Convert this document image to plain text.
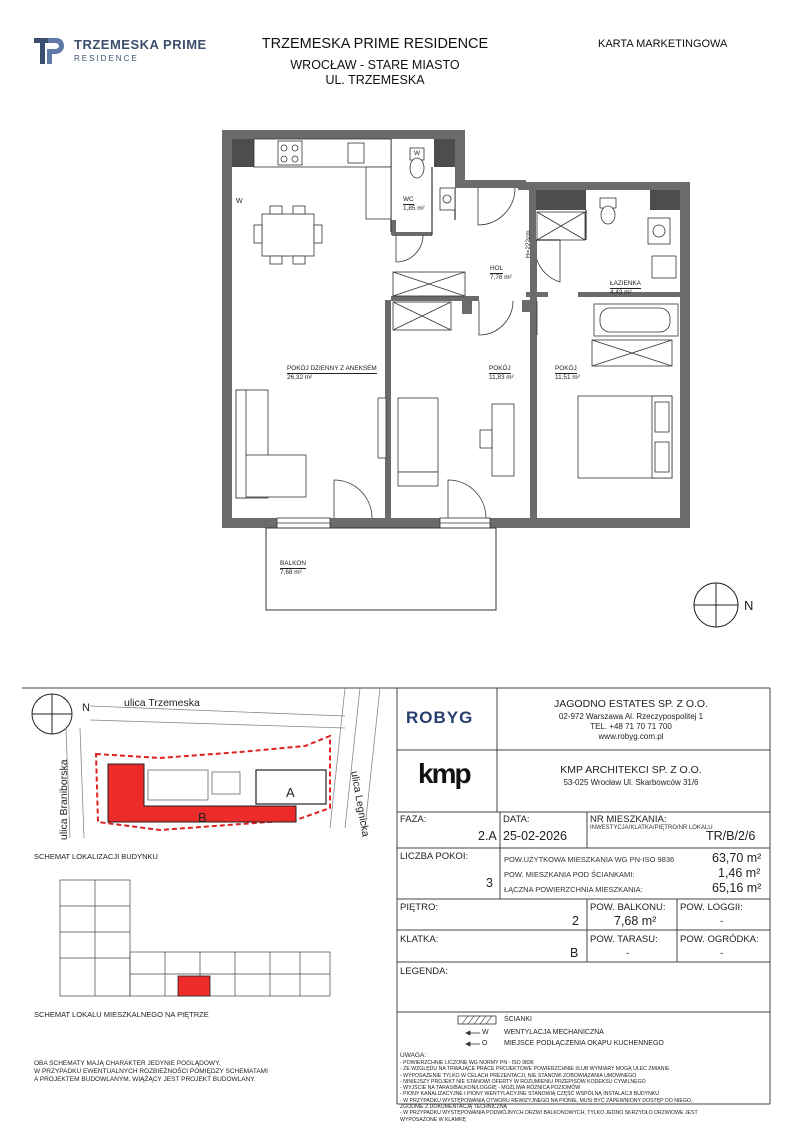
TRZEMESKA PRIME
RESIDENCE
TRZEMESKA PRIME RESIDENCE
WROCŁAW - STARE MIASTO
UL. TRZEMESKA
KARTA MARKETINGOWA
W	WC
1,85 m²
HOL
7,76 m²
ŁAZIENKA
4,43 m²
POKÓJ DZIENNY Z ANEKSEM
26,32 m²
POKÓJ
11,83 m²
POKÓJ
11,51 m²
BALKON
7,68 m²
H=222cm
N
W
N	ulica Trzemeska
ulica Braniborska	ulica Legnicka
A
B
SCHEMAT LOKALIZACJI BUDYNKU
SCHEMAT LOKALU MIESZKALNEGO NA PIĘTRZE
OBA SCHEMATY MAJĄ CHARAKTER JEDYNIE POGLĄDOWY.
W PRZYPADKU EWENTUALNYCH ROZBIEŻNOŚCI POMIĘDZY SCHEMATAMI
A PROJEKTEM BUDOWLANYM, WIĄŻĄCY JEST PROJEKT BUDOWLANY.
ROBYG
JAGODNO ESTATES SP. Z O.O.
02-972 Warszawa Al. Rzeczypospolitej 1
TEL. +48 71 70 71 700
www.robyg.com.pl
kmp	KMP ARCHITEKCI SP. Z O.O.
53-025 Wrocław Ul. Skarbowców 31/6
FAZA:
2.A
DATA:
25-02-2026
NR MIESZKANIA:
INWESTYCJA/KLATKA/PIĘTRO/NR LOKALU
TR/B/2/6
LICZBA POKOI:
3
POW.UŻYTKOWA MIESZKANIA WG PN-ISO 9836	63,70 m²
POW. MIESZKANIA POD ŚCIANKAMI:	1,46 m²
ŁĄCZNA POWIERZCHNIA MIESZKANIA:	65,16 m²
PIĘTRO:
2
POW. BALKONU:
7,68 m²
POW. LOGGII:
-
KLATKA:
B
POW. TARASU:
-
POW. OGRÓDKA:
-
LEGENDA:
ŚCIANKI
W WENTYLACJA MECHANICZNA
O MIEJSCE PODŁĄCZENIA OKAPU KUCHENNEGO
UWAGA:
- POWIERZCHNIE LICZONE WG NORMY PN - ISO 9836
- ZE WZGLĘDU NA TRWAJĄCE PRACE PROJEKTOWE POWIERZCHNIE I/LUB WYMIARY MOGĄ ULEC ZMIANIE
- WYPOSAŻENIE TYLKO W CELACH PREZENTACJI, NIE STANOWI ZOBOWIĄZANIA UMOWNEGO
- NINIEJSZY PROJEKT NIE STANOWI OFERTY W ROZUMIENIU PRZEPISÓW KODEKSU CYWILNEGO
- WYJŚCIE NA TARAS/BALKON/LOGGIĘ - MOŻLIWA RÓŻNICA POZIOMÓW
- PIONY KANALIZACYJNE I PIONY WENTYLACYJNE STANOWIĄ CZĘŚĆ WSPÓLNĄ INSTALACJI BUDYNKU
- W PRZYPADKU WYSTĘPOWANIA OTWORU REWIZYJNEGO NA PIONIE, MUSI BYĆ ZAPEWNIONY DOSTĘP DO NIEGO,
ZGODNIE Z DOKUMENTACJĄ TECHNICZNĄ
- W PRZYPADKU WYSTĘPOWANIA PODWÓJNYCH DRZWI BALKONOWYCH, TYLKO JEDNO SKRZYDŁO DRZWIOWE JEST
WYPOSAŻONE W KLAMKĘ
